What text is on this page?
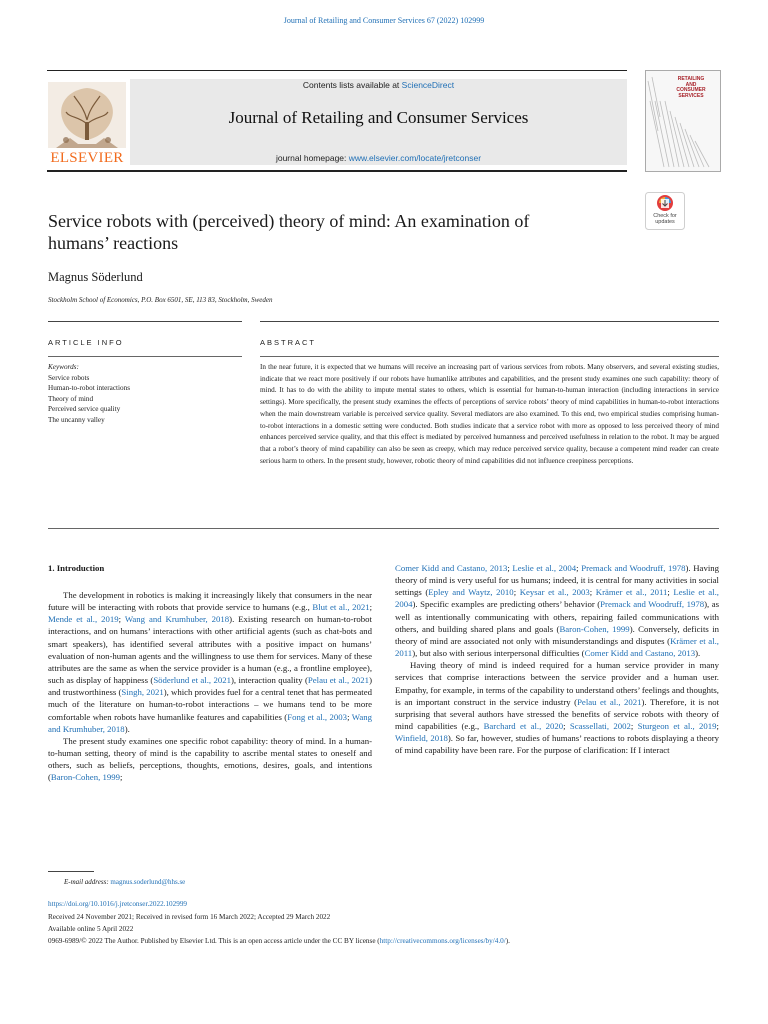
Journal of Retailing and Consumer Services 67 (2022) 102999
ELSEVIER
Contents lists available at ScienceDirect
Journal of Retailing and Consumer Services
journal homepage: www.elsevier.com/locate/jretconser
RETAILING
AND
CONSUMER
SERVICES
Check for
updates
Service robots with (perceived) theory of mind: An examination of
humans’ reactions
Magnus Söderlund
Stockholm School of Economics, P.O. Box 6501, SE, 113 83, Stockholm, Sweden
ARTICLE INFO	ABSTRACT
Keywords:
Service robots
Human-to-robot interactions
Theory of mind
Perceived service quality
The uncanny valley
In the near future, it is expected that we humans will receive an increasing part of various services from robots. Many observers, and several existing studies, indicate that we react more positively if our robots have humanlike attributes and capabilities, and the present study examines one such capability: theory of mind. It has to do with the ability to impute mental states to others, which is essential for human-to-human interaction (including interactions in service settings). More specifically, the present study examines the effects of perceptions of service robots’ theory of mind capabilities in human-to-robot interactions when the main downstream variable is perceived service quality. Several mediators are also examined. To this end, two empirical studies comprising human-to-robot interactions in a domestic setting were conducted. Both studies indicate that a service robot with more as opposed to less perceived theory of mind enhances perceived service quality, and that this effect is mediated by perceived humanness and perceived usefulness in relation to the robot. It may be argued that a robot’s theory of mind capability can also be seen as creepy, which may reduce perceived service quality, because a competent mind reader can create serious harm to others. In the present study, however, robotic theory of mind capabilities did not influence creepiness perceptions.
1. Introduction

The development in robotics is making it increasingly likely that consumers in the near future will be interacting with robots that provide service to humans (e.g., Blut et al., 2021; Mende et al., 2019; Wang and Krumhuber, 2018). Existing research on human-to-robot interactions, and on humans’ interactions with other artificial agents (such as chat-bots and smart speakers), has identified several attributes with a positive impact on humans’ evaluation of non-human agents and the willingness to use them for services. Many of these attributes are the same as when the service provider is a human (e.g., a frontline employee), such as display of happiness (Söderlund et al., 2021), interaction quality (Pelau et al., 2021) and trustworthiness (Singh, 2021), which provides fuel for a central tenet that has permeated much of the literature on human-to-robot interactions – we humans tend to be more comfortable when robots have humanlike features and capabilities (Fong et al., 2003; Wang and Krumhuber, 2018).

The present study examines one specific robot capability: theory of mind. In a human-to-human setting, theory of mind is the capability to ascribe mental states to oneself and others, such as beliefs, perceptions, thoughts, emotions, desires, goals, and intentions (Baron-Cohen, 1999;

Comer Kidd and Castano, 2013; Leslie et al., 2004; Premack and Woodruff, 1978). Having theory of mind is very useful for us humans; indeed, it is central for many activities in social settings (Epley and Waytz, 2010; Keysar et al., 2003; Krämer et al., 2011; Leslie et al., 2004). Specific examples are predicting others’ behavior (Premack and Woodruff, 1978), as well as intentionally communicating with others, repairing failed communications with others, and building shared plans and goals (Baron-Cohen, 1999). Conversely, deficits in theory of mind are associated not only with misunderstandings and disputes (Krämer et al., 2011), but also with serious interpersonal difficulties (Comer Kidd and Castano, 2013).

Having theory of mind is indeed required for a human service provider in many services that comprise interactions between the service provider and a human user. Empathy, for example, in terms of the capability to understand others’ feelings and thoughts, is an important construct in the service industry (Pelau et al., 2021). Therefore, it is not surprising that several authors have stressed the benefits of service robots with theory of mind capabilities (e.g., Barchard et al., 2020; Scassellati, 2002; Sturgeon et al., 2019; Winfield, 2018). So far, however, studies of humans’ reactions to robots displaying a theory of mind capability have been rare. For the purpose of clarification: If I interact

E-mail address: magnus.soderlund@hhs.se
https://doi.org/10.1016/j.jretconser.2022.102999
Received 24 November 2021; Received in revised form 16 March 2022; Accepted 29 March 2022
Available online 5 April 2022
0969-6989/© 2022 The Author. Published by Elsevier Ltd. This is an open access article under the CC BY license (http://creativecommons.org/licenses/by/4.0/).
